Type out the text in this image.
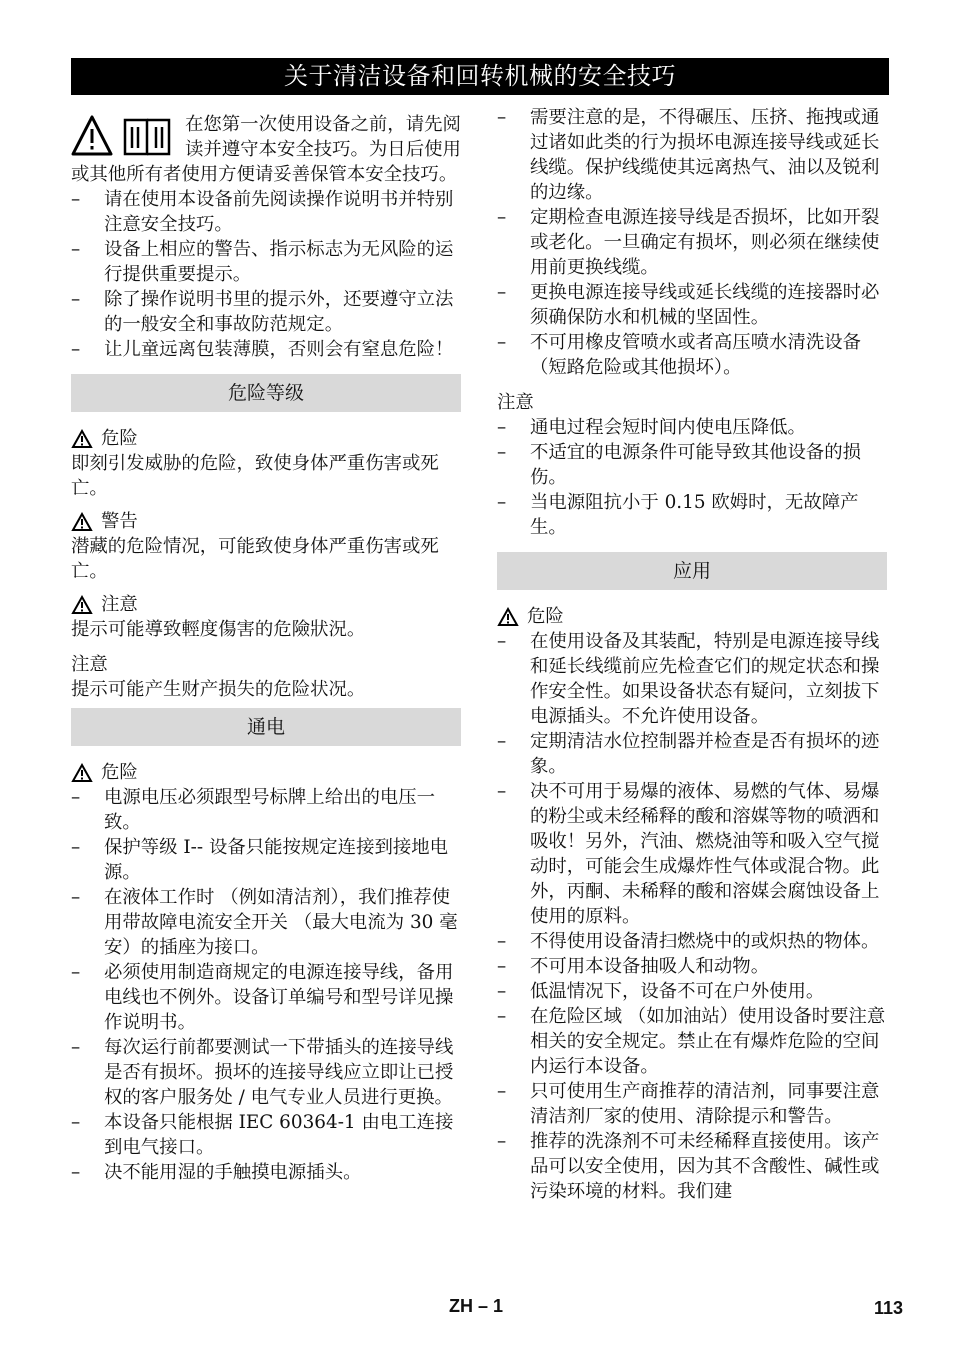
关于清洁设备和回转机械的安全技巧

在您第一次使用设备之前，请先阅读并遵守本安全技巧。为日后使用或其他所有者使用方便请妥善保管本安全技巧。

– 请在使用本设备前先阅读操作说明书并特别注意安全技巧。
– 设备上相应的警告、指示标志为无风险的运行提供重要提示。
– 除了操作说明书里的提示外，还要遵守立法的一般安全和事故防范规定。
– 让儿童远离包装薄膜，否则会有窒息危险！
危险等级
危险

即刻引发威胁的危险，致使身体严重伤害或死亡。

警告

潜藏的危险情况，可能致使身体严重伤害或死亡。

注意

提示可能導致輕度傷害的危險狀況。

注意

提示可能产生财产损失的危险状况。

通电
危险
– 电源电压必须跟型号标牌上给出的电压一致。
– 保护等级 I-- 设备只能按规定连接到接地电源。
– 在液体工作时 （例如清洁剂），我们推荐使用带故障电流安全开关 （最大电流为 30 毫安）的插座为接口。
– 必须使用制造商规定的电源连接导线，备用电线也不例外。设备订单编号和型号详见操作说明书。
– 每次运行前都要测试一下带插头的连接导线是否有损坏。损坏的连接导线应立即让已授权的客户服务处 / 电气专业人员进行更换。
– 本设备只能根据 IEC 60364-1 由电工连接到电气接口。
– 决不能用湿的手触摸电源插头。
– 需要注意的是，不得碾压、压挤、拖拽或通过诸如此类的行为损坏电源连接导线或延长线缆。保护线缆使其远离热气、油以及锐利的边缘。
– 定期检查电源连接导线是否损坏，比如开裂或老化。一旦确定有损坏，则必须在继续使用前更换线缆。
– 更换电源连接导线或延长线缆的连接器时必须确保防水和机械的坚固性。
– 不可用橡皮管喷水或者高压喷水清洗设备 （短路危险或其他损坏）。

注意

– 通电过程会短时间内使电压降低。
– 不适宜的电源条件可能导致其他设备的损伤。
– 当电源阻抗小于 0.15 欧姆时，无故障产生。
应用
危险
– 在使用设备及其装配，特别是电源连接导线和延长线缆前应先检查它们的规定状态和操作安全性。如果设备状态有疑问，立刻拔下电源插头。不允许使用设备。
– 定期清洁水位控制器并检查是否有损坏的迹象。
– 决不可用于易爆的液体、易燃的气体、易爆的粉尘或未经稀释的酸和溶媒等物的喷洒和吸收！另外，汽油、燃烧油等和吸入空气搅动时，可能会生成爆炸性气体或混合物。此外，丙酮、未稀释的酸和溶媒会腐蚀设备上使用的原料。
– 不得使用设备清扫燃烧中的或炽热的物体。
– 不可用本设备抽吸人和动物。
– 低温情况下，设备不可在户外使用。
– 在危险区域 （如加油站）使用设备时要注意相关的安全规定。禁止在有爆炸危险的空间内运行本设备。
– 只可使用生产商推荐的清洁剂，同事要注意清洁剂厂家的使用、清除提示和警告。
– 推荐的洗涤剂不可未经稀释直接使用。该产品可以安全使用，因为其不含酸性、碱性或污染环境的材料。我们建
ZH – 1	113
